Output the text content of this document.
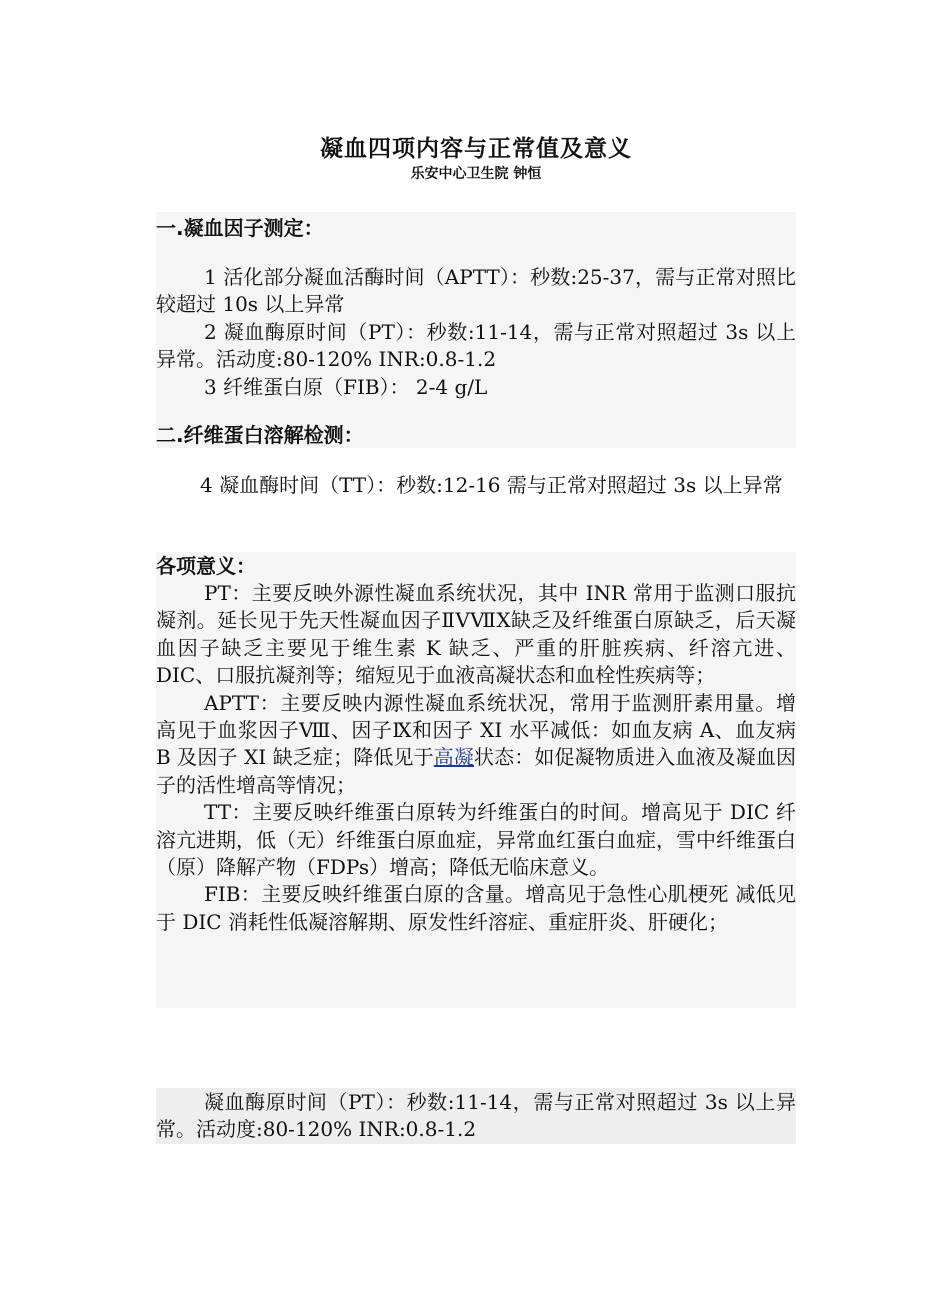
凝血四项内容与正常值及意义
乐安中心卫生院 钟恒

一.凝血因子测定：

1 活化部分凝血活酶时间（APTT）：秒数:25-37，需与正常对照比较超过 10s 以上异常

2 凝血酶原时间（PT）：秒数:11-14，需与正常对照超过 3s 以上异常。活动度:80-120% INR:0.8-1.2

3 纤维蛋白原（FIB）： 2-4 g/L

二.纤维蛋白溶解检测：

4 凝血酶时间（TT）：秒数:12-16 需与正常对照超过 3s 以上异常

各项意义：

PT：主要反映外源性凝血系统状况，其中 INR 常用于监测口服抗凝剂。延长见于先天性凝血因子ⅡⅤⅦⅩ缺乏及纤维蛋白原缺乏，后天凝血因子缺乏主要见于维生素 K 缺乏、严重的肝脏疾病、纤溶亢进、DIC、口服抗凝剂等；缩短见于血液高凝状态和血栓性疾病等；

APTT：主要反映内源性凝血系统状况，常用于监测肝素用量。增高见于血浆因子Ⅷ、因子Ⅸ和因子 XI 水平减低：如血友病 A、血友病 B 及因子 XI 缺乏症；降低见于高凝状态：如促凝物质进入血液及凝血因子的活性增高等情况；

TT：主要反映纤维蛋白原转为纤维蛋白的时间。增高见于 DIC 纤溶亢进期，低（无）纤维蛋白原血症，异常血红蛋白血症，雪中纤维蛋白（原）降解产物（FDPs）增高；降低无临床意义。

FIB：主要反映纤维蛋白原的含量。增高见于急性心肌梗死 减低见于 DIC 消耗性低凝溶解期、原发性纤溶症、重症肝炎、肝硬化；

凝血酶原时间（PT）：秒数:11-14，需与正常对照超过 3s 以上异常。活动度:80-120% INR:0.8-1.2
